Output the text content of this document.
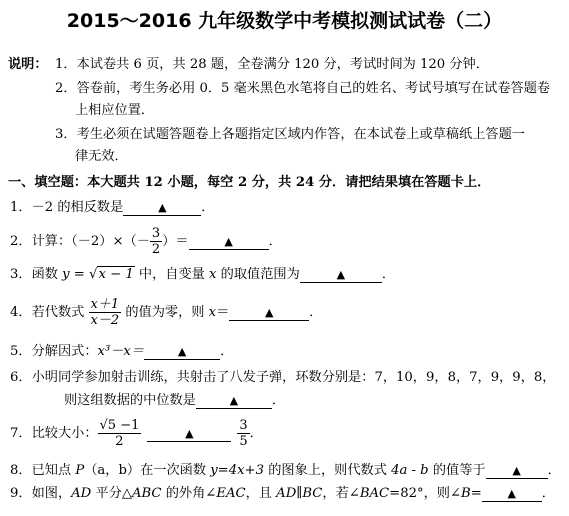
2015～2016 九年级数学中考模拟测试试卷（二）
说明： 1．本试卷共 6 页，共 28 题，全卷满分 120 分，考试时间为 120 分钟．
2．答卷前，考生务必用 0．5 毫米黑色水笔将自己的姓名、考试号填写在试卷答题卷
上相应位置．
3．考生必须在试题答题卷上各题指定区域内作答，在本试卷上或草稿纸上答题一
律无效．
一、填空题：本大题共 12 小题，每空 2 分，共 24 分．请把结果填在答题卡上．
1．－2 的相反数是	▲	．
2．计算：$(-2)\times(- \frac{3}{2}$ ）＝	▲	．
3．函数 y = √x − 1 中，自变量 x 的取值范围为	▲	．
4．若代数式 $\frac{x+1}{x-2}$ 的值为零，则 x＝	▲	．
5．分解因式：x³－x＝	▲	．
6．小明同学参加射击训练，共射击了八发子弹，环数分别是：7，10，9，8，7，9，9，8，
则这组数据的中位数是	▲	．
7．比较大小： $\frac{√5 -1}{2}$	▲	$\frac{3}{5}$ ．
8．已知点 P（a，b）在一次函数 y=4x+3 的图象上，则代数式 4a - b 的值等于 ▲ ．
9．如图，AD 平分△ABC 的外角∠EAC，且 AD∥BC，若∠BAC=82°，则∠B= ▲ ．
